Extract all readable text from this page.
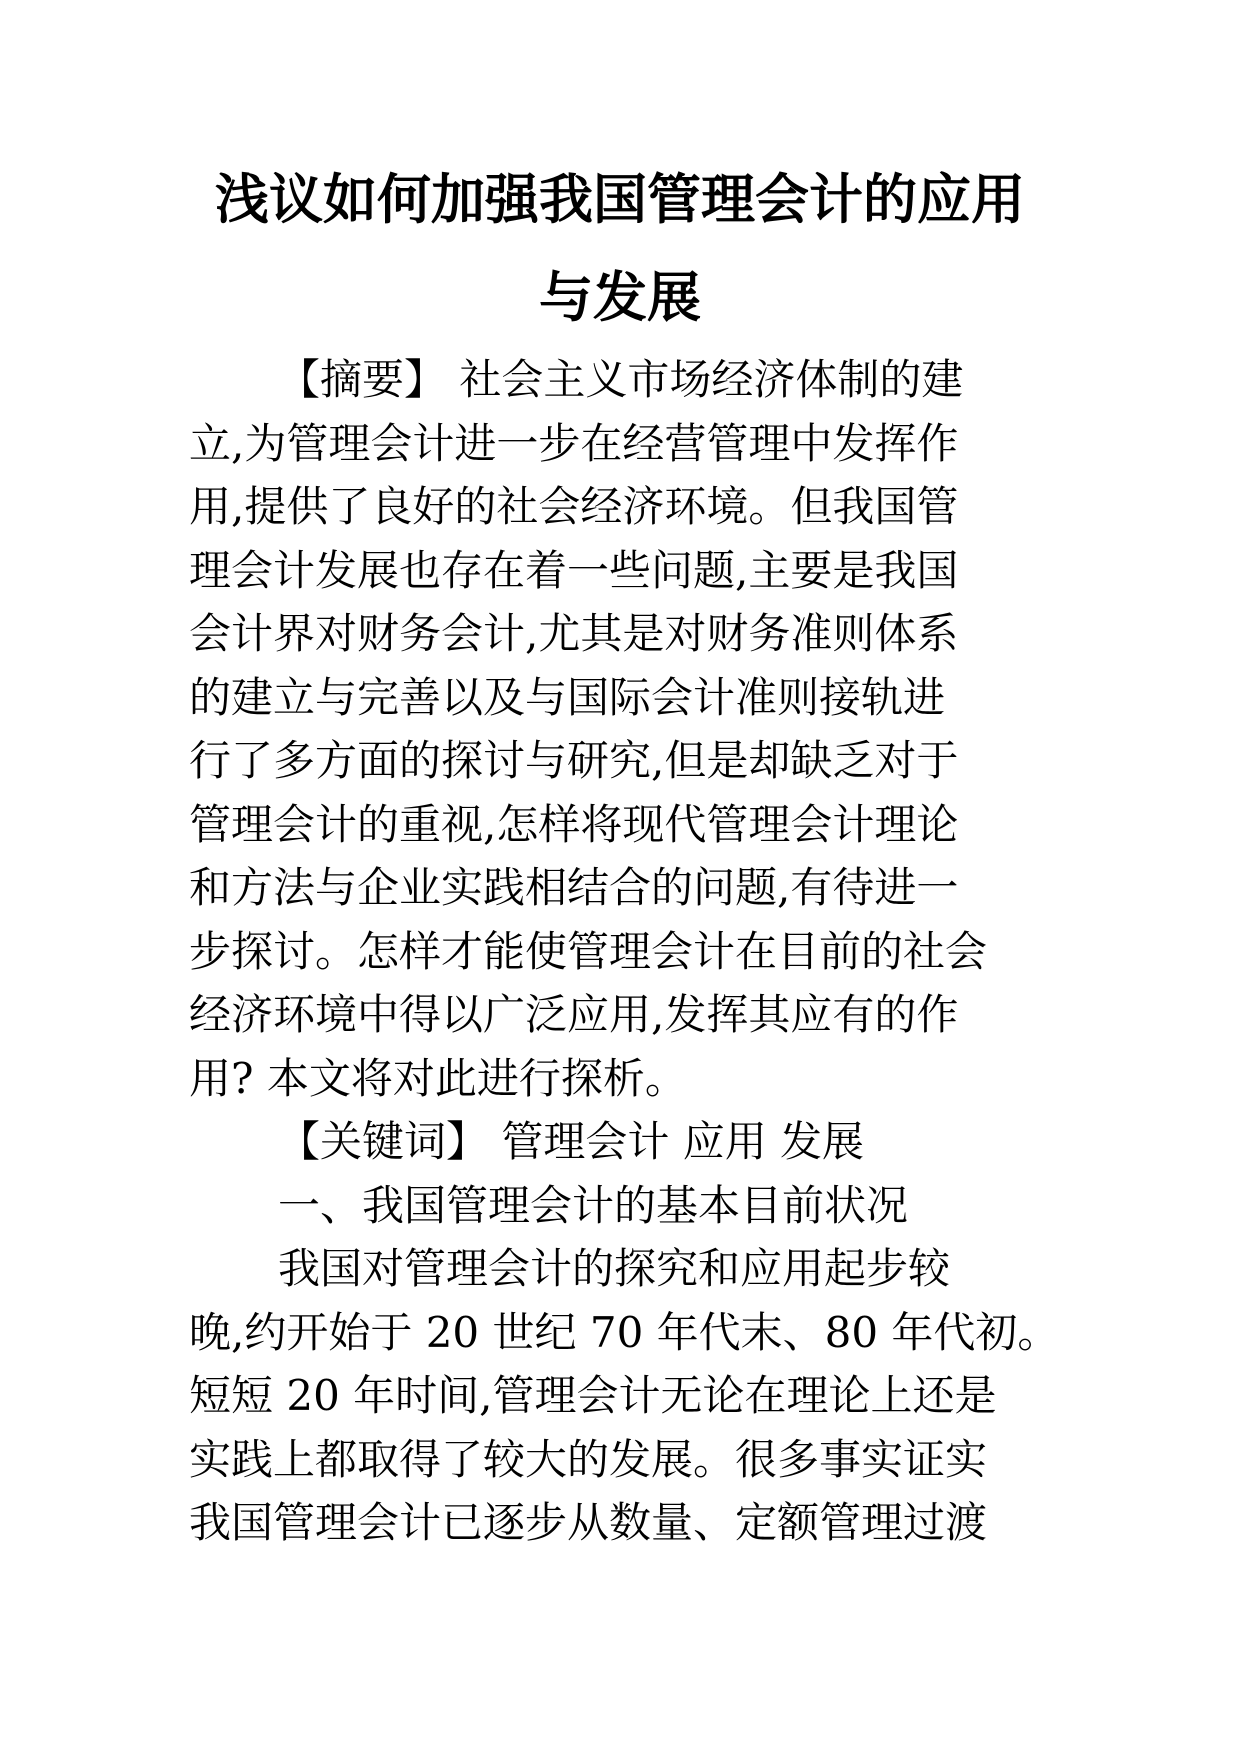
浅议如何加强我国管理会计的应用
与发展
【摘要】 社会主义市场经济体制的建
立,为管理会计进一步在经营管理中发挥作
用,提供了良好的社会经济环境。但我国管
理会计发展也存在着一些问题,主要是我国
会计界对财务会计,尤其是对财务准则体系
的建立与完善以及与国际会计准则接轨进
行了多方面的探讨与研究,但是却缺乏对于
管理会计的重视,怎样将现代管理会计理论
和方法与企业实践相结合的问题,有待进一
步探讨。怎样才能使管理会计在目前的社会
经济环境中得以广泛应用,发挥其应有的作
用? 本文将对此进行探析。
【关键词】 管理会计 应用 发展
一、我国管理会计的基本目前状况
我国对管理会计的探究和应用起步较
晚,约开始于 20 世纪 70 年代末、80 年代初。
短短 20 年时间,管理会计无论在理论上还是
实践上都取得了较大的发展。很多事实证实
我国管理会计已逐步从数量、定额管理过渡
